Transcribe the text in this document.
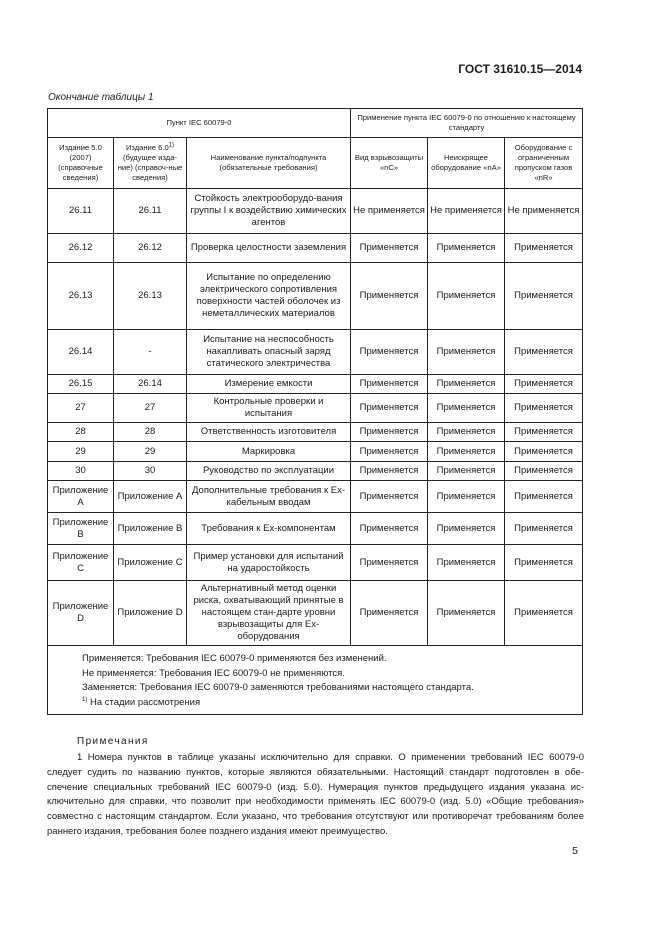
ГОСТ 31610.15—2014
Окончание таблицы 1
Пункт IEC 60079-0			Применение пункта IEC 60079-0 по отношению к настоящему стандарту		
Издание 5.0 (2007) (справочные сведения)	Издание 6.0$^{1)}$ (будущее изда-ние) (справоч-ные сведения)	Наименование пункта/подпункта (обязательные требования)	Вид взрывозащиты «nC»	Неискрящее оборудование «nA»	Оборудование с ограниченным пропуском газов «nR»
26.11	26.11	Стойкость электрооборудо-вания группы I к воздействию химических агентов	Не применяется	Не применяется	Не применяется
26.12	26.12	Проверка целостности заземления	Применяется	Применяется	Применяется
26.13	26.13	Испытание по определению электрического сопротивления поверхности частей оболочек из неметаллических материалов	Применяется	Применяется	Применяется
26.14	-	Испытание на неспособность накапливать опасный заряд статического электричества	Применяется	Применяется	Применяется
26.15	26.14	Измерение емкости	Применяется	Применяется	Применяется
27	27	Контрольные проверки и испытания	Применяется	Применяется	Применяется
28	28	Ответственность изготовителя	Применяется	Применяется	Применяется
29	29	Маркировка	Применяется	Применяется	Применяется
30	30	Руководство по эксплуатации	Применяется	Применяется	Применяется
Приложение A	Приложение A	Дополнительные требования к Ex-кабельным вводам	Применяется	Применяется	Применяется
Приложение B	Приложение B	Требования к Ex-компонентам	Применяется	Применяется	Применяется
Приложение C	Приложение C	Пример установки для испытаний на ударостойкость	Применяется	Применяется	Применяется
Приложение D	Приложение D	Альтернативный метод оценки риска, охватывающий принятые в настоящем стан-дарте уровни взрывозащиты для Ex-оборудования	Применяется	Применяется	Применяется

Применяется: Требования IEC 60079-0 применяются без изменений.
Не применяется: Требования IEC 60079-0 не применяются.
Заменяется: Требования IEC 60079-0 заменяются требованиями настоящего стандарта.
$^{1)}$ На стадии рассмотрения					
Примечания

1 Номера пунктов в таблице указаны исключительно для справки. О применении требований IEC 60079-0 следует судить по названию пунктов, которые являются обязательными. Настоящий стандарт подготовлен в обе-спечение специальных требований IEC 60079-0 (изд. 5.0). Нумерация пунктов предыдущего издания указана ис-ключительно для справки, что позволит при необходимости применять IEC 60079-0 (изд. 5.0) «Общие требования» совместно с настоящим стандартом. Если указано, что требования отсутствуют или противоречат требованиям более раннего издания, требования более позднего издания имеют преимущество.

5
